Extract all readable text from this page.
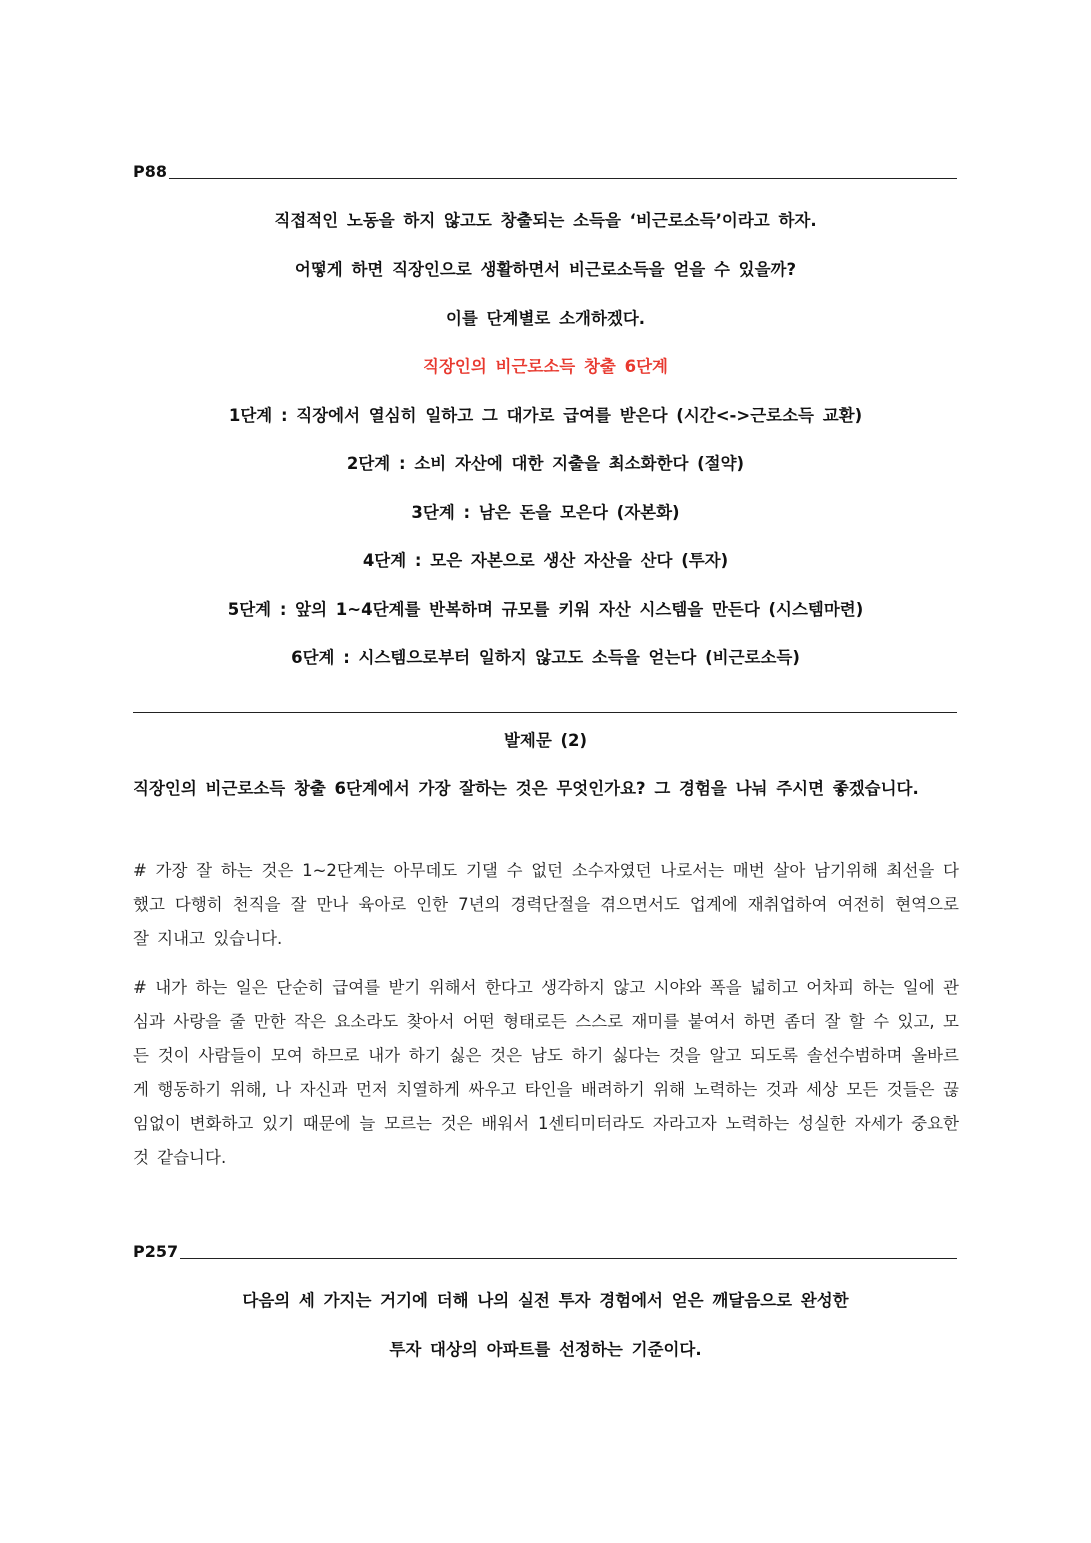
P88
직접적인 노동을 하지 않고도 창출되는 소득을 ‘비근로소득’이라고 하자.
어떻게 하면 직장인으로 생활하면서 비근로소득을 얻을 수 있을까?
이를 단계별로 소개하겠다.
직장인의 비근로소득 창출 6단계
1단계 : 직장에서 열심히 일하고 그 대가로 급여를 받은다 (시간<->근로소득 교환)
2단계 : 소비 자산에 대한 지출을 최소화한다 (절약)
3단계 : 남은 돈을 모은다 (자본화)
4단계 : 모은 자본으로 생산 자산을 산다 (투자)
5단계 : 앞의 1~4단계를 반복하며 규모를 키워 자산 시스템을 만든다 (시스템마련)
6단계 : 시스템으로부터 일하지 않고도 소득을 얻는다 (비근로소득)
발제문 (2)
직장인의 비근로소득 창출 6단계에서 가장 잘하는 것은 무엇인가요? 그 경험을 나눠 주시면 좋겠습니다.
# 가장 잘 하는 것은 1~2단계는 아무데도 기댈 수 없던 소수자였던 나로서는 매번 살아 남기위해 최선을 다했고 다행히 천직을 잘 만나 육아로 인한 7년의 경력단절을 겪으면서도 업계에 재취업하여 여전히 현역으로 잘 지내고 있습니다.
# 내가 하는 일은 단순히 급여를 받기 위해서 한다고 생각하지 않고 시야와 폭을 넓히고 어차피 하는 일에 관심과 사랑을 줄 만한 작은 요소라도 찾아서 어떤 형태로든 스스로 재미를 붙여서 하면 좀더 잘 할 수 있고, 모든 것이 사람들이 모여 하므로 내가 하기 싫은 것은 남도 하기 싫다는 것을 알고 되도록 솔선수범하며 올바르게 행동하기 위해, 나 자신과 먼저 치열하게 싸우고 타인을 배려하기 위해 노력하는 것과 세상 모든 것들은 끊임없이 변화하고 있기 때문에 늘 모르는 것은 배워서 1센티미터라도 자라고자 노력하는 성실한 자세가 중요한 것 같습니다.
P257
다음의 세 가지는 거기에 더해 나의 실전 투자 경험에서 얻은 깨달음으로 완성한
투자 대상의 아파트를 선정하는 기준이다.
